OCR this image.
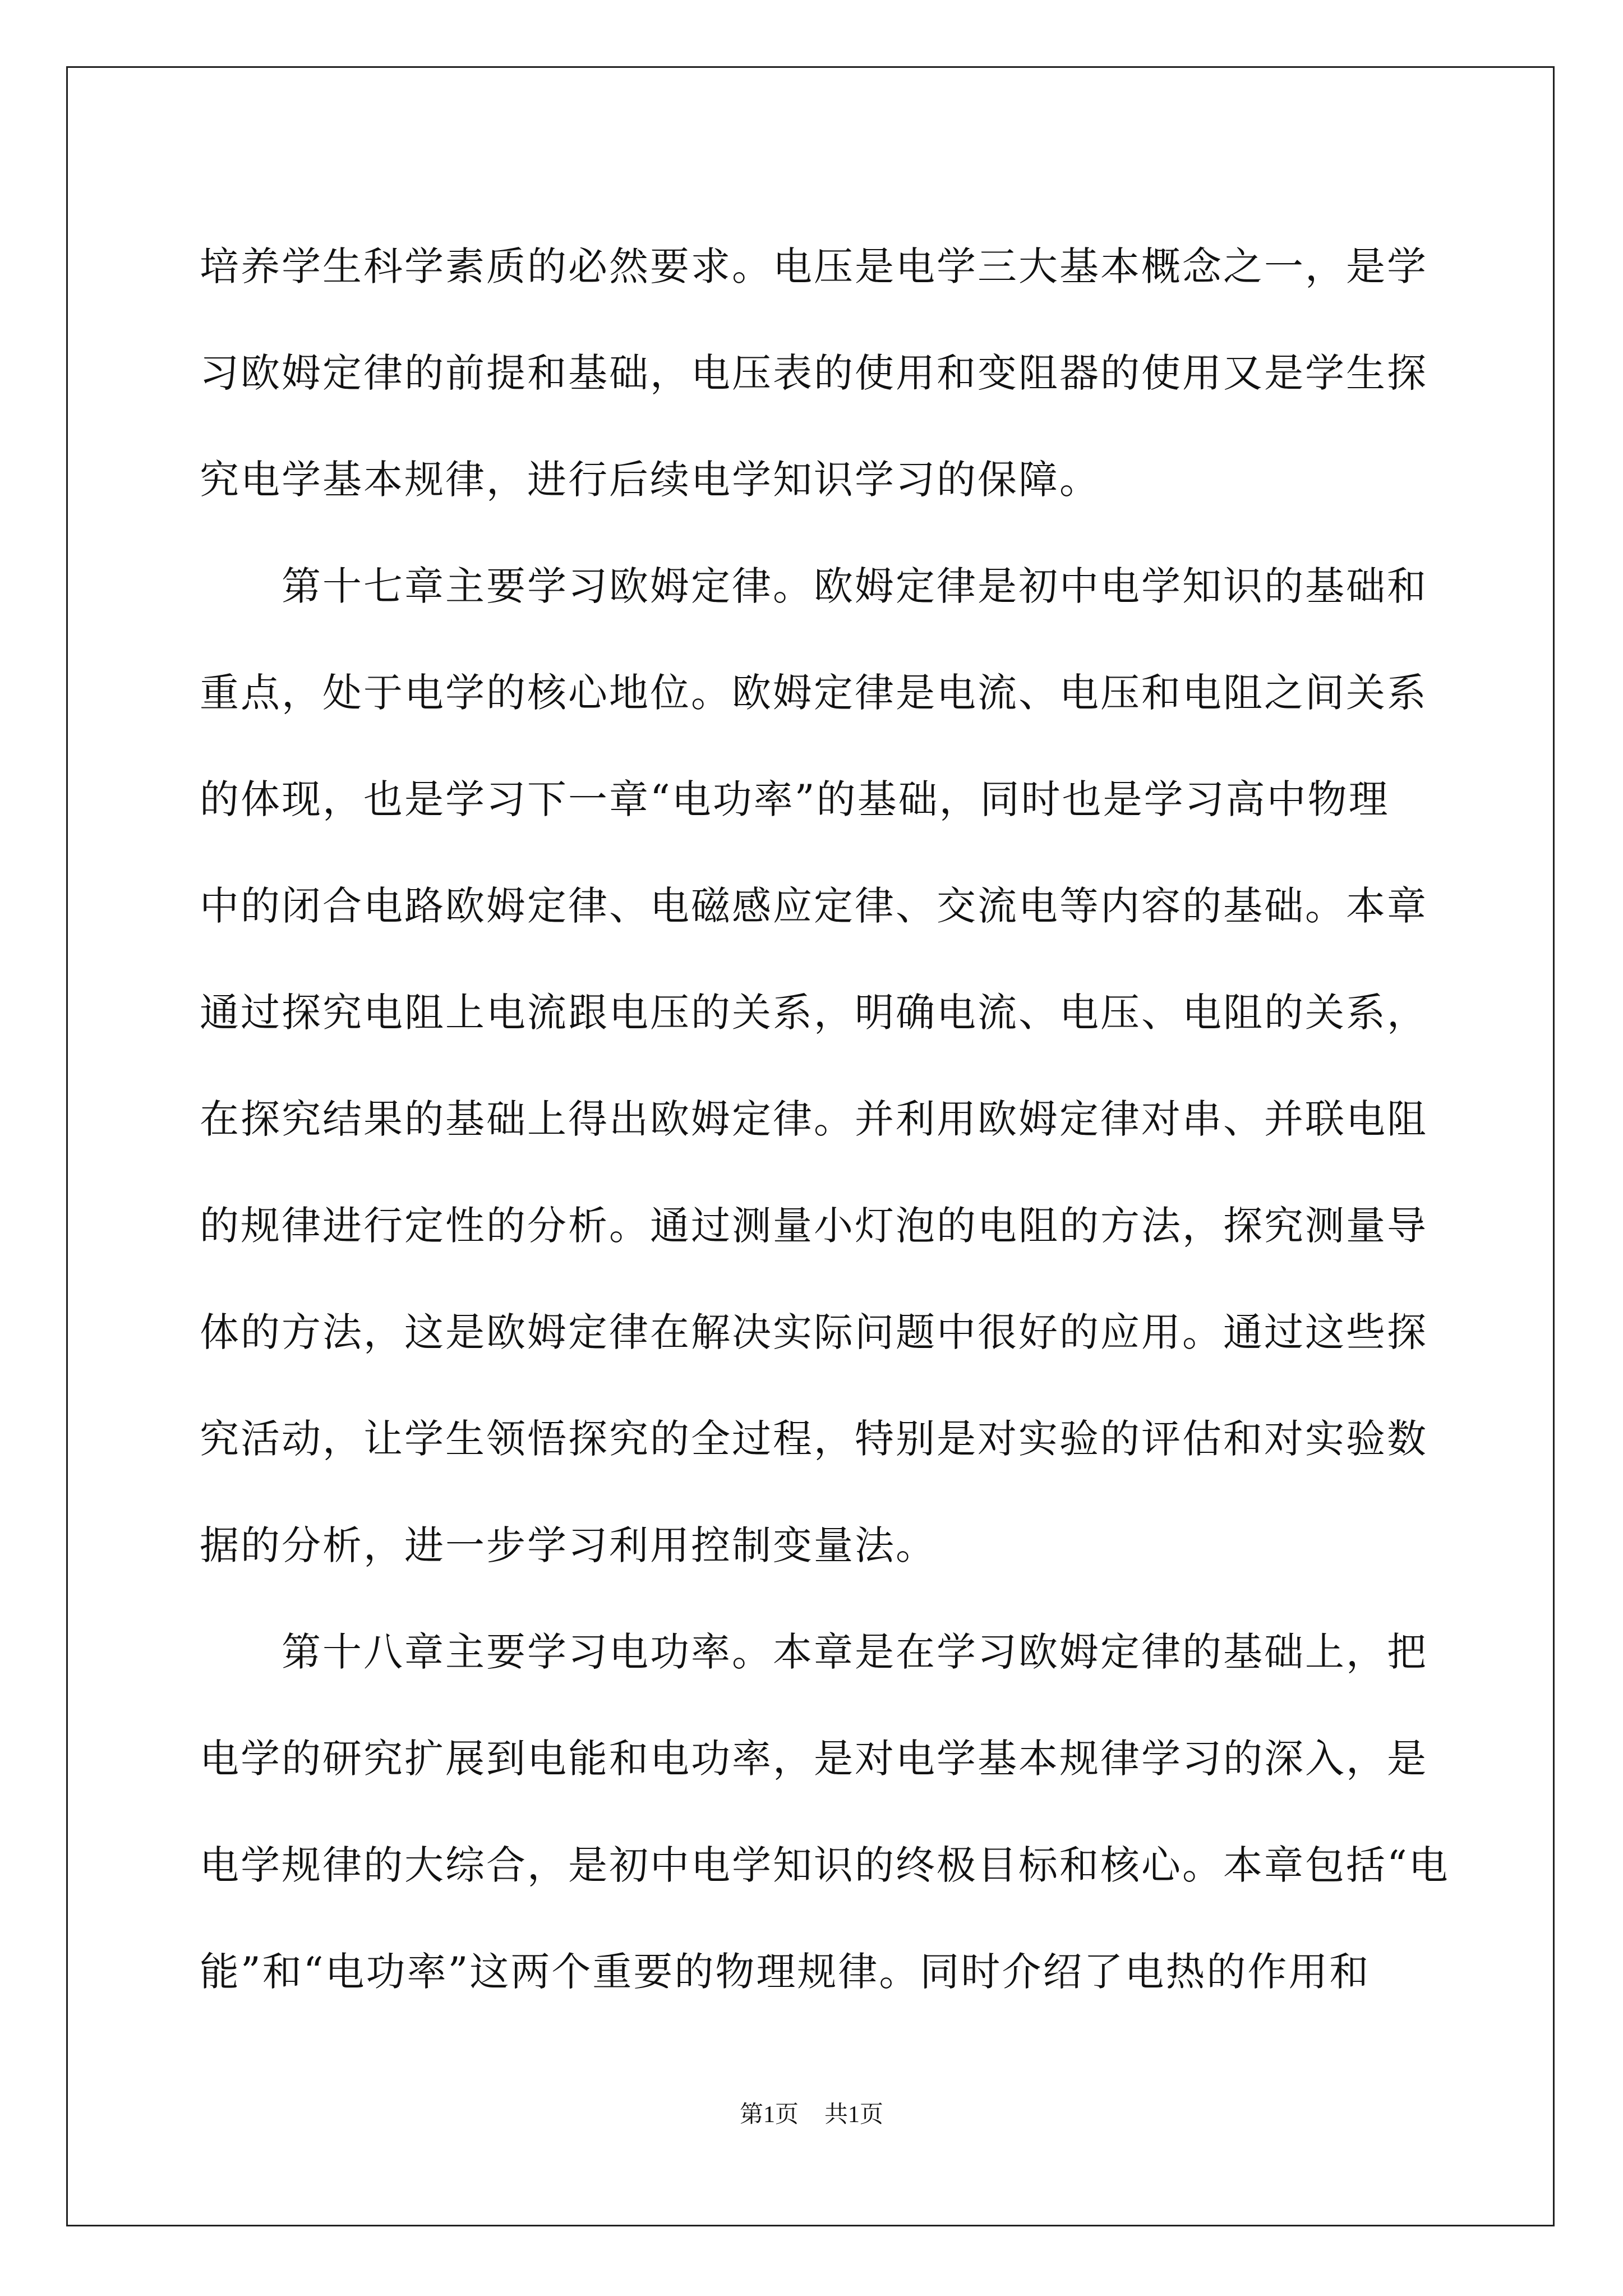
培养学生科学素质的必然要求。电压是电学三大基本概念之一，是学
习欧姆定律的前提和基础，电压表的使用和变阻器的使用又是学生探
究电学基本规律，进行后续电学知识学习的保障。
第十七章主要学习欧姆定律。欧姆定律是初中电学知识的基础和
重点，处于电学的核心地位。欧姆定律是电流、电压和电阻之间关系
的体现，也是学习下一章“电功率”的基础，同时也是学习高中物理
中的闭合电路欧姆定律、电磁感应定律、交流电等内容的基础。本章
通过探究电阻上电流跟电压的关系，明确电流、电压、电阻的关系，
在探究结果的基础上得出欧姆定律。并利用欧姆定律对串、并联电阻
的规律进行定性的分析。通过测量小灯泡的电阻的方法，探究测量导
体的方法，这是欧姆定律在解决实际问题中很好的应用。通过这些探
究活动，让学生领悟探究的全过程，特别是对实验的评估和对实验数
据的分析，进一步学习利用控制变量法。
第十八章主要学习电功率。本章是在学习欧姆定律的基础上，把
电学的研究扩展到电能和电功率，是对电学基本规律学习的深入，是
电学规律的大综合，是初中电学知识的终极目标和核心。本章包括“电
能”和“电功率”这两个重要的物理规律。同时介绍了电热的作用和
第1页 共1页
